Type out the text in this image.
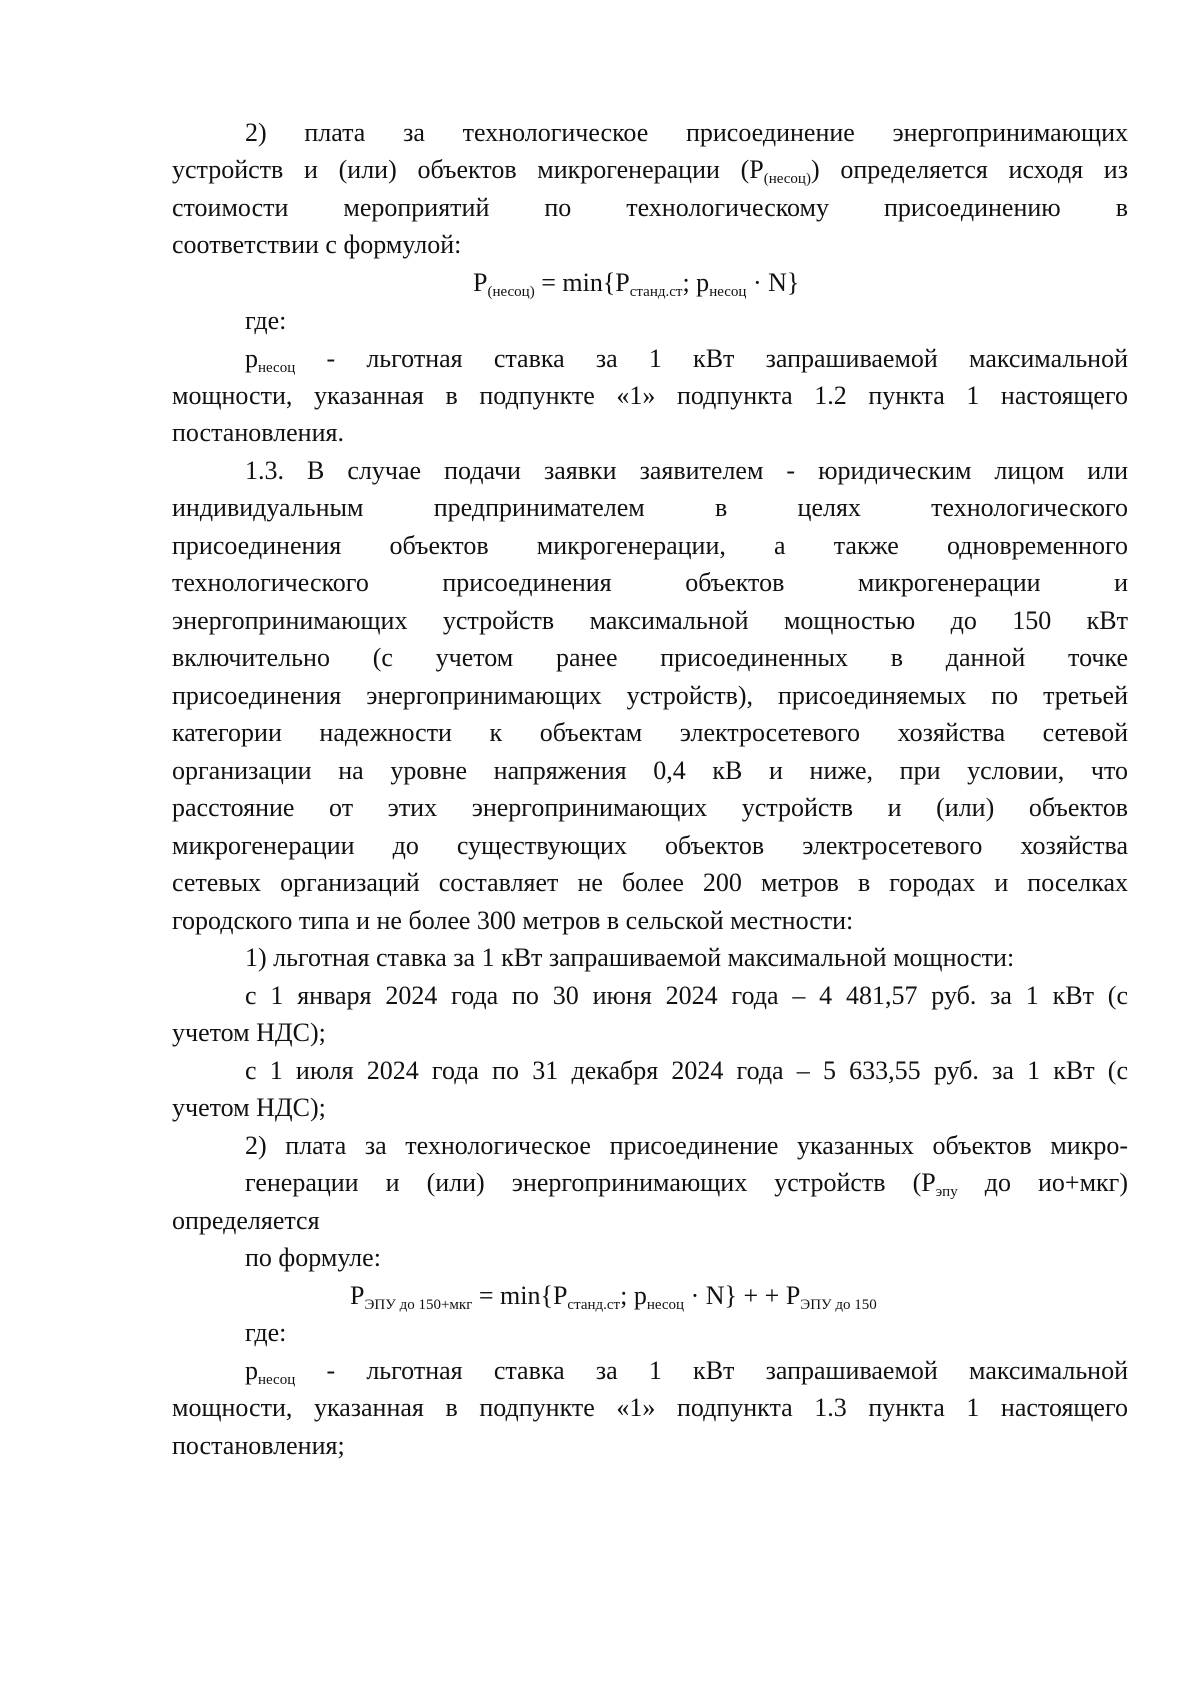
2) плата за технологическое присоединение энергопринимающих
устройств и (или) объектов микрогенерации $(P_{(несоц)})$ определяется исходя из
стоимости мероприятий по технологическому присоединению в
соответствии с формулой:
$P_{(несоц)} = \min\{P_{станд.ст}$; $p_{несоц} \cdot N$}
где:
$p_{несоц}$ - льготная ставка за 1 кВт запрашиваемой максимальной
мощности, указанная в подпункте «1» подпункта 1.2 пункта 1 настоящего
постановления.
1.3. В случае подачи заявки заявителем - юридическим лицом или
индивидуальным предпринимателем в целях технологического
присоединения объектов микрогенерации, а также одновременного
технологического присоединения объектов микрогенерации и
энергопринимающих устройств максимальной мощностью до 150 кВт
включительно (с учетом ранее присоединенных в данной точке
присоединения энергопринимающих устройств), присоединяемых по третьей
категории надежности к объектам электросетевого хозяйства сетевой
организации на уровне напряжения 0,4 кВ и ниже, при условии, что
расстояние от этих энергопринимающих устройств и (или) объектов
микрогенерации до существующих объектов электросетевого хозяйства
сетевых организаций составляет не более 200 метров в городах и поселках
городского типа и не более 300 метров в сельской местности:
1) льготная ставка за 1 кВт запрашиваемой максимальной мощности:
с 1 января 2024 года по 30 июня 2024 года – 4 481,57 руб. за 1 кВт (с
учетом НДС);
с 1 июля 2024 года по 31 декабря 2024 года – 5 633,55 руб. за 1 кВт (с
учетом НДС);
2) плата за технологическое присоединение указанных объектов микро-
генерации и (или) энергопринимающих устройств ($Р_{эпу}$ до ио+мкг)
определяется
по формуле:
$Р_{ЭПУ до 150+мкг} = \min\{P_{станд.ст}$; $p_{несоц} \cdot N$} + + $Р_{ЭПУ до 150}$
где:
$p_{несоц}$ - льготная ставка за 1 кВт запрашиваемой максимальной
мощности, указанная в подпункте «1» подпункта 1.3 пункта 1 настоящего
постановления;
